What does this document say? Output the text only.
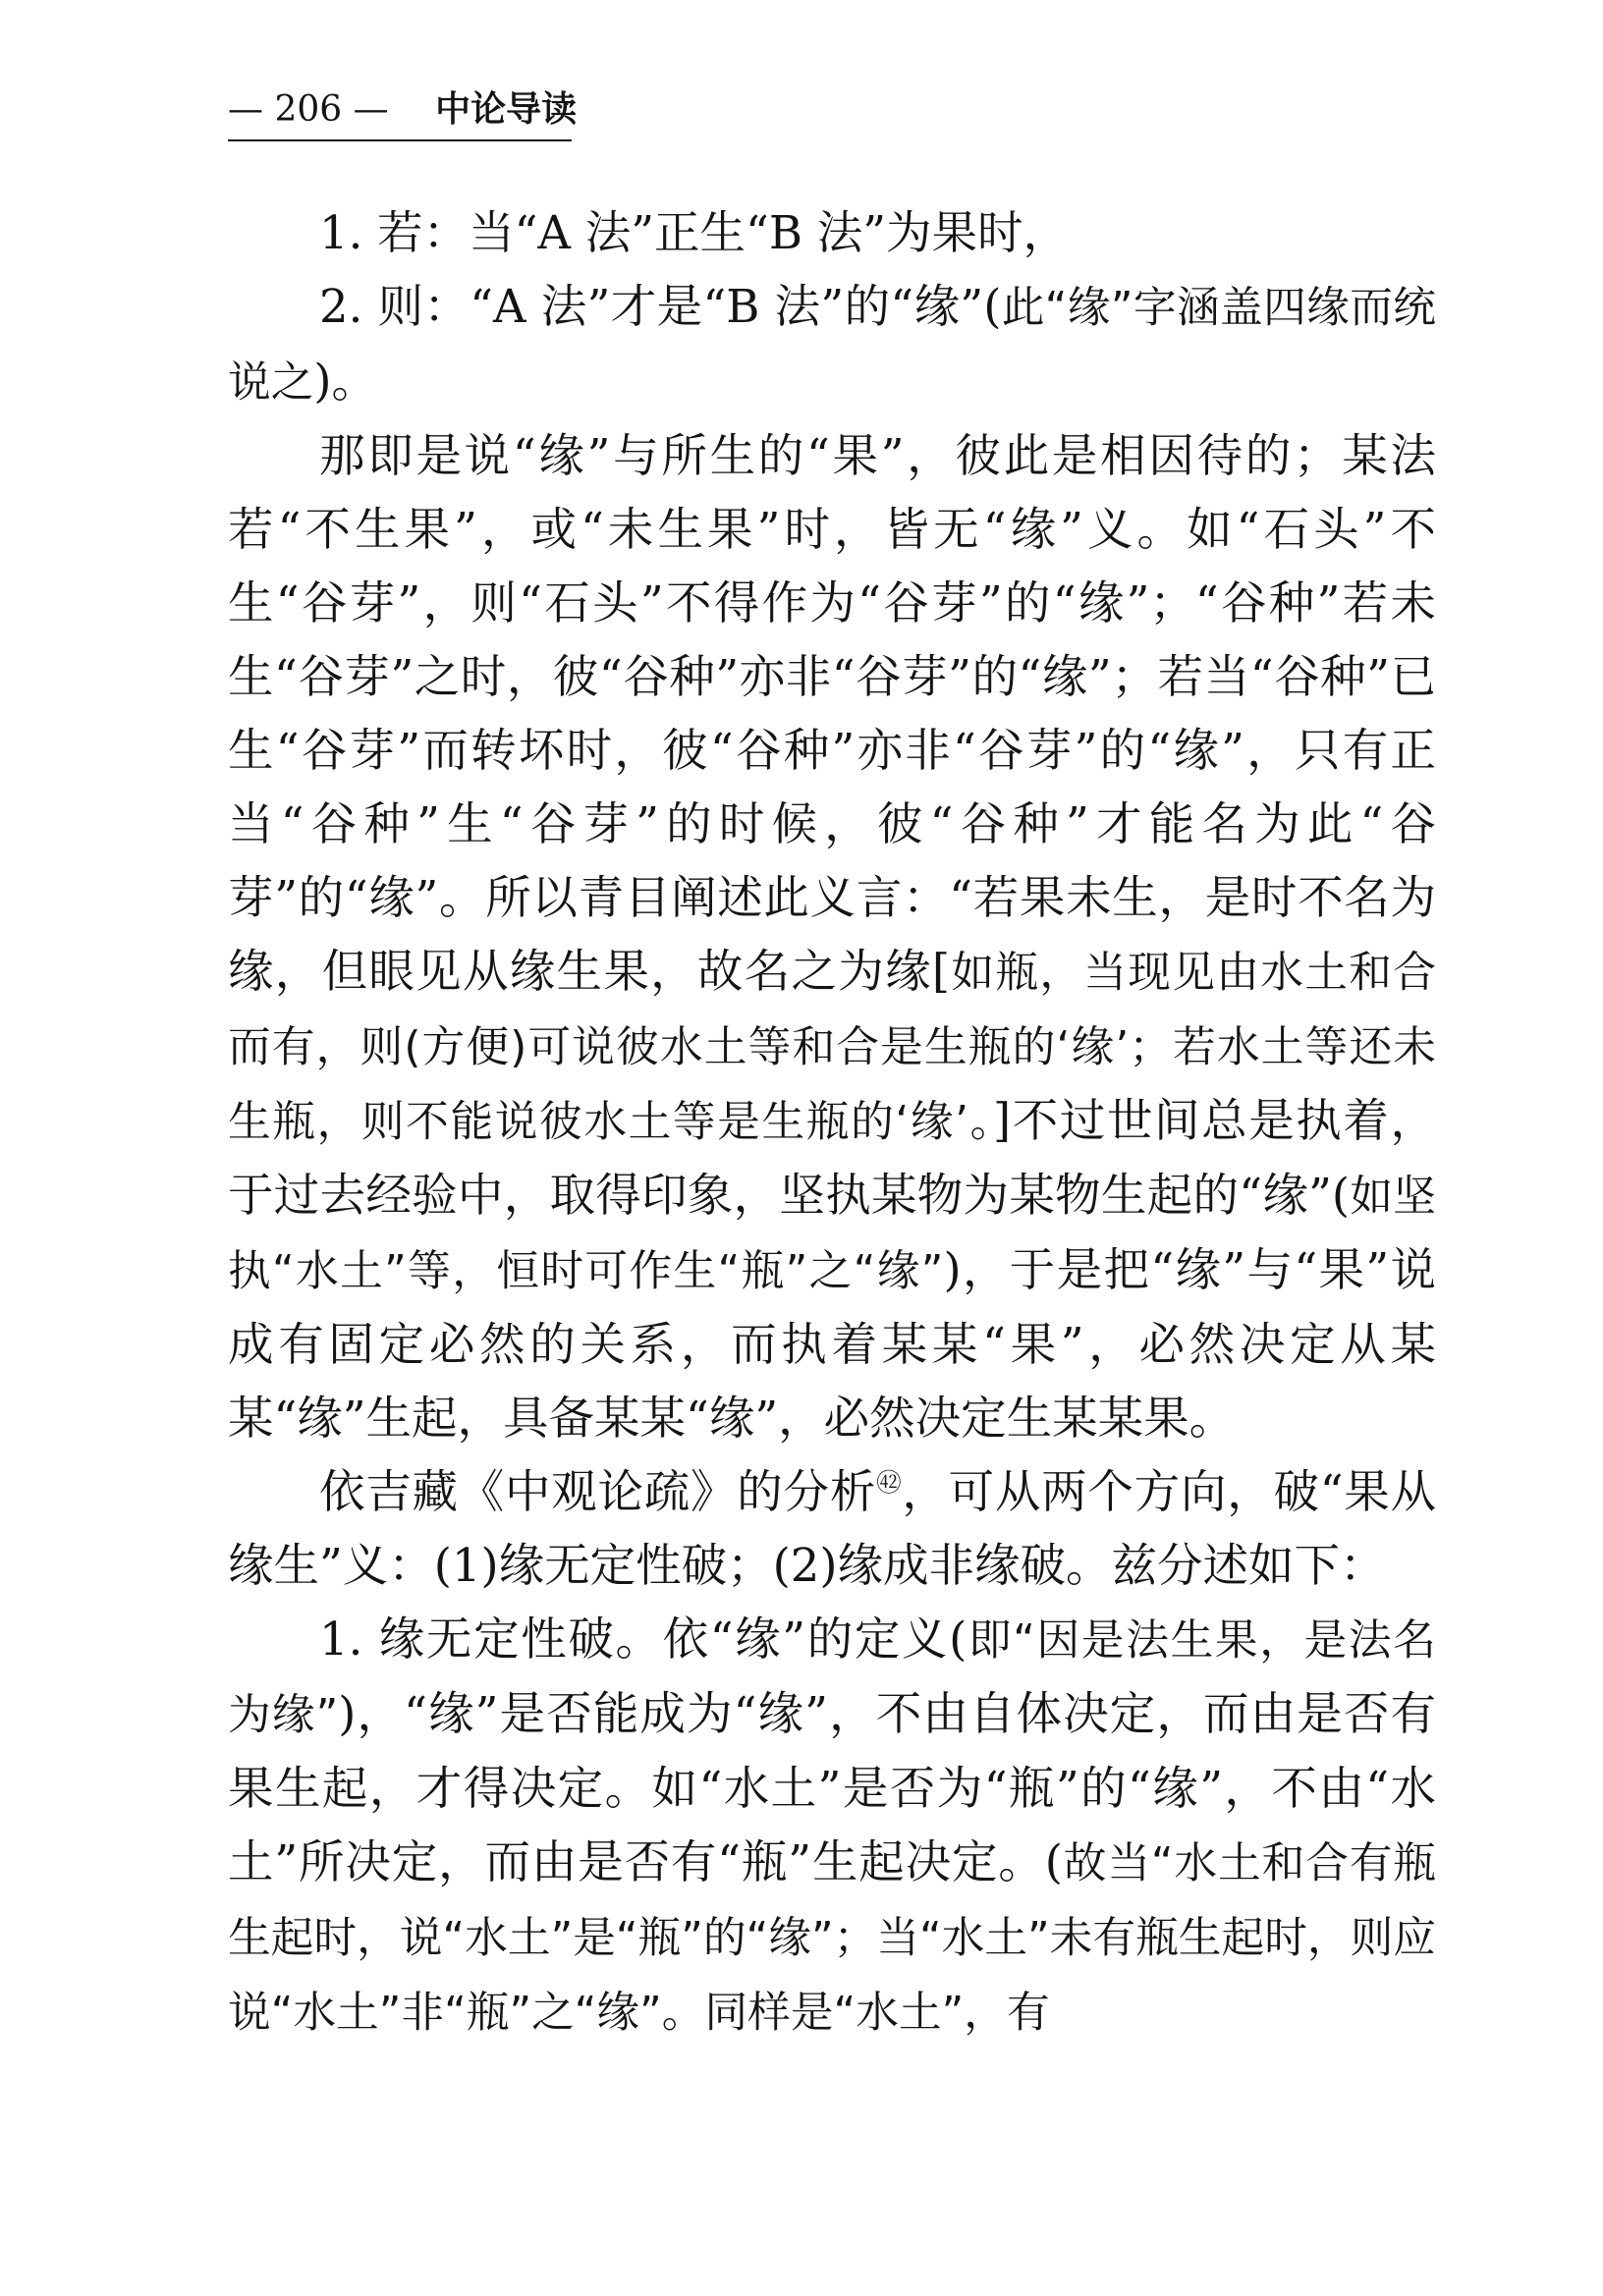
— 206 — 中论导读

1. 若：当“A 法”正生“B 法”为果时，

2. 则：“A 法”才是“B 法”的“缘”(此“缘”字涵盖四缘而统说之)。

那即是说“缘”与所生的“果”，彼此是相因待的；某法若“不生果”，或“未生果”时，皆无“缘”义。如“石头”不生“谷芽”，则“石头”不得作为“谷芽”的“缘”；“谷种”若未生“谷芽”之时，彼“谷种”亦非“谷芽”的“缘”；若当“谷种”已生“谷芽”而转坏时，彼“谷种”亦非“谷芽”的“缘”，只有正当“谷种”生“谷芽”的时候，彼“谷种”才能名为此“谷芽”的“缘”。所以青目阐述此义言：“若果未生，是时不名为缘，但眼见从缘生果，故名之为缘[如瓶，当现见由水土和合而有，则(方便)可说彼水土等和合是生瓶的‘缘’；若水土等还未生瓶，则不能说彼水土等是生瓶的‘缘’。]不过世间总是执着，于过去经验中，取得印象，坚执某物为某物生起的“缘”(如坚执“水土”等，恒时可作生“瓶”之“缘”)，于是把“缘”与“果”说成有固定必然的关系，而执着某某“果”，必然决定从某某“缘”生起，具备某某“缘”，必然决定生某某果。

依吉藏《中观论疏》的分析$^㊷$，可从两个方向，破“果从缘生”义：(1)缘无定性破；(2)缘成非缘破。兹分述如下：

1. 缘无定性破。依“缘”的定义(即“因是法生果，是法名为缘”)，“缘”是否能成为“缘”，不由自体决定，而由是否有果生起，才得决定。如“水土”是否为“瓶”的“缘”，不由“水土”所决定，而由是否有“瓶”生起决定。(故当“水土和合有瓶生起时，说“水土”是“瓶”的“缘”；当“水土”未有瓶生起时，则应说“水土”非“瓶”之“缘”。同样是“水土”，有
